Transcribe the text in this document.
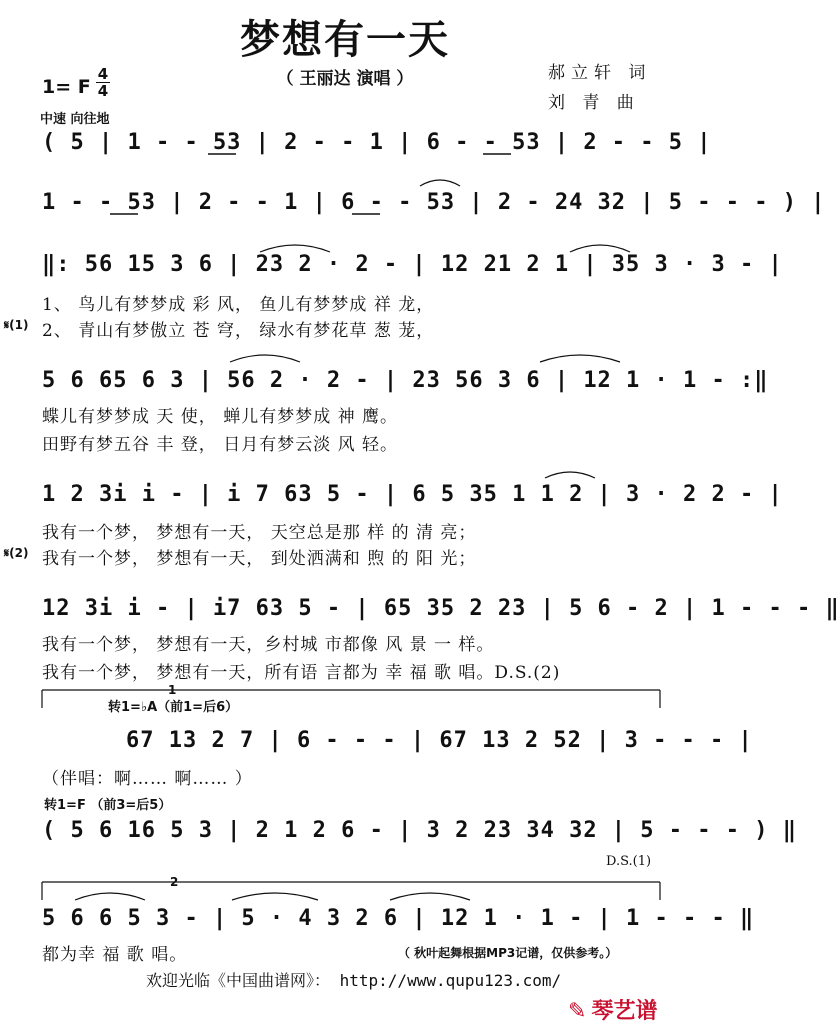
梦想有一天
（ 王丽达 演唱 ）	郝立轩 词
刘 青 曲
1= F
4
4
中速 向往地
( 5 | 1 - - 53 | 2 - - 1 | 6 - - 53 | 2 - - 5 |
1 - - 53 | 2 - - 1 | 6 - - 53 | 2 - 24 32 | 5 - - - ) |
‖: 56 15 3 6 | 23 2 · 2 - | 12 21 2 1 | 35 3 · 3 - |
1、 鸟儿有梦梦成 彩 风， 鱼儿有梦梦成 祥 龙，
𝄋(1) 2、 青山有梦傲立 苍 穹， 绿水有梦花草 葱 茏，
5 6 65 6 3 | 56 2 · 2 - | 23 56 3 6 | 12 1 · 1 - :‖
蝶儿有梦梦成 天 使， 蝉儿有梦梦成 神 鹰。
田野有梦五谷 丰 登， 日月有梦云淡 风 轻。
1 2 3i i - | i 7 63 5 - | 6 5 35 1 1 2 | 3 · 2 2 - |
我有一个梦， 梦想有一天， 天空总是那 样 的 清 亮；
𝄋(2) 我有一个梦， 梦想有一天， 到处洒满和 煦 的 阳 光；
12 3i i - | i7 63 5 - | 65 35 2 23 | 5 6 - 2 | 1 - - - ‖
我有一个梦， 梦想有一天，乡村城 市都像 风 景 一 样。
我有一个梦， 梦想有一天，所有语 言都为 幸 福 歌 唱。D.S.(2)
1
转1=♭A（前1=后6）
67 13 2 7 | 6 - - - | 67 13 2 52 | 3 - - - |
（伴唱：啊…… 啊…… ）
转1=F （前3=后5）
( 5 6 16 5 3 | 2 1 2 6 - | 3 2 23 34 32 | 5 - - - ) ‖
D.S.(1)
2
5 6 6 5 3 - | 5 · 4 3 2 6 | 12 1 · 1 - | 1 - - - ‖
都为幸 福 歌 唱。	（ 秋叶起舞根据MP3记谱，仅供参考。）
欢迎光临《中国曲谱网》： http://www.qupu123.com/
✎ 琴艺谱
